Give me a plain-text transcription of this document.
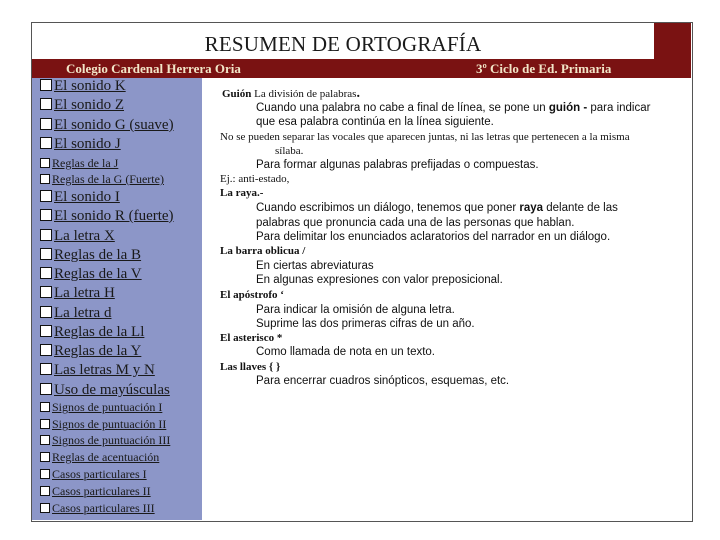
RESUMEN DE ORTOGRAFÍA
Colegio Cardenal Herrera Oria	3º Ciclo de Ed. Primaria
El sonido K
El sonido Z
El sonido G (suave)
El sonido J
Reglas de la J
Reglas de la G (Fuerte)
El sonido I
El sonido R (fuerte)
La letra X
Reglas de la B
Reglas de la V
La letra H
La letra d
Reglas de la Ll
Reglas de la Y
Las letras M y N
Uso de mayúsculas
Signos de puntuación I
Signos de puntuación II
Signos de puntuación III
Reglas de acentuación
Casos particulares I
Casos particulares II
Casos particulares III
Guión La división de palabras.
Cuando una palabra no cabe a final de línea, se pone un guión - para indicar
que esa palabra continúa en la línea siguiente.
No se pueden separar las vocales que aparecen juntas, ni las letras que pertenecen a la misma
sílaba.
Para formar algunas palabras prefijadas o compuestas.
Ej.: anti-estado,
La raya.-
Cuando escribimos un diálogo, tenemos que poner raya delante de las
palabras que pronuncia cada una de las personas que hablan.
Para delimitar los enunciados aclaratorios del narrador en un diálogo.
La barra oblicua /
En ciertas abreviaturas
En algunas expresiones con valor preposicional.
El apóstrofo ‘
Para indicar la omisión de alguna letra.
Suprime las dos primeras cifras de un año.
El asterisco *
Como llamada de nota en un texto.
Las llaves { }
Para encerrar cuadros sinópticos, esquemas, etc.
